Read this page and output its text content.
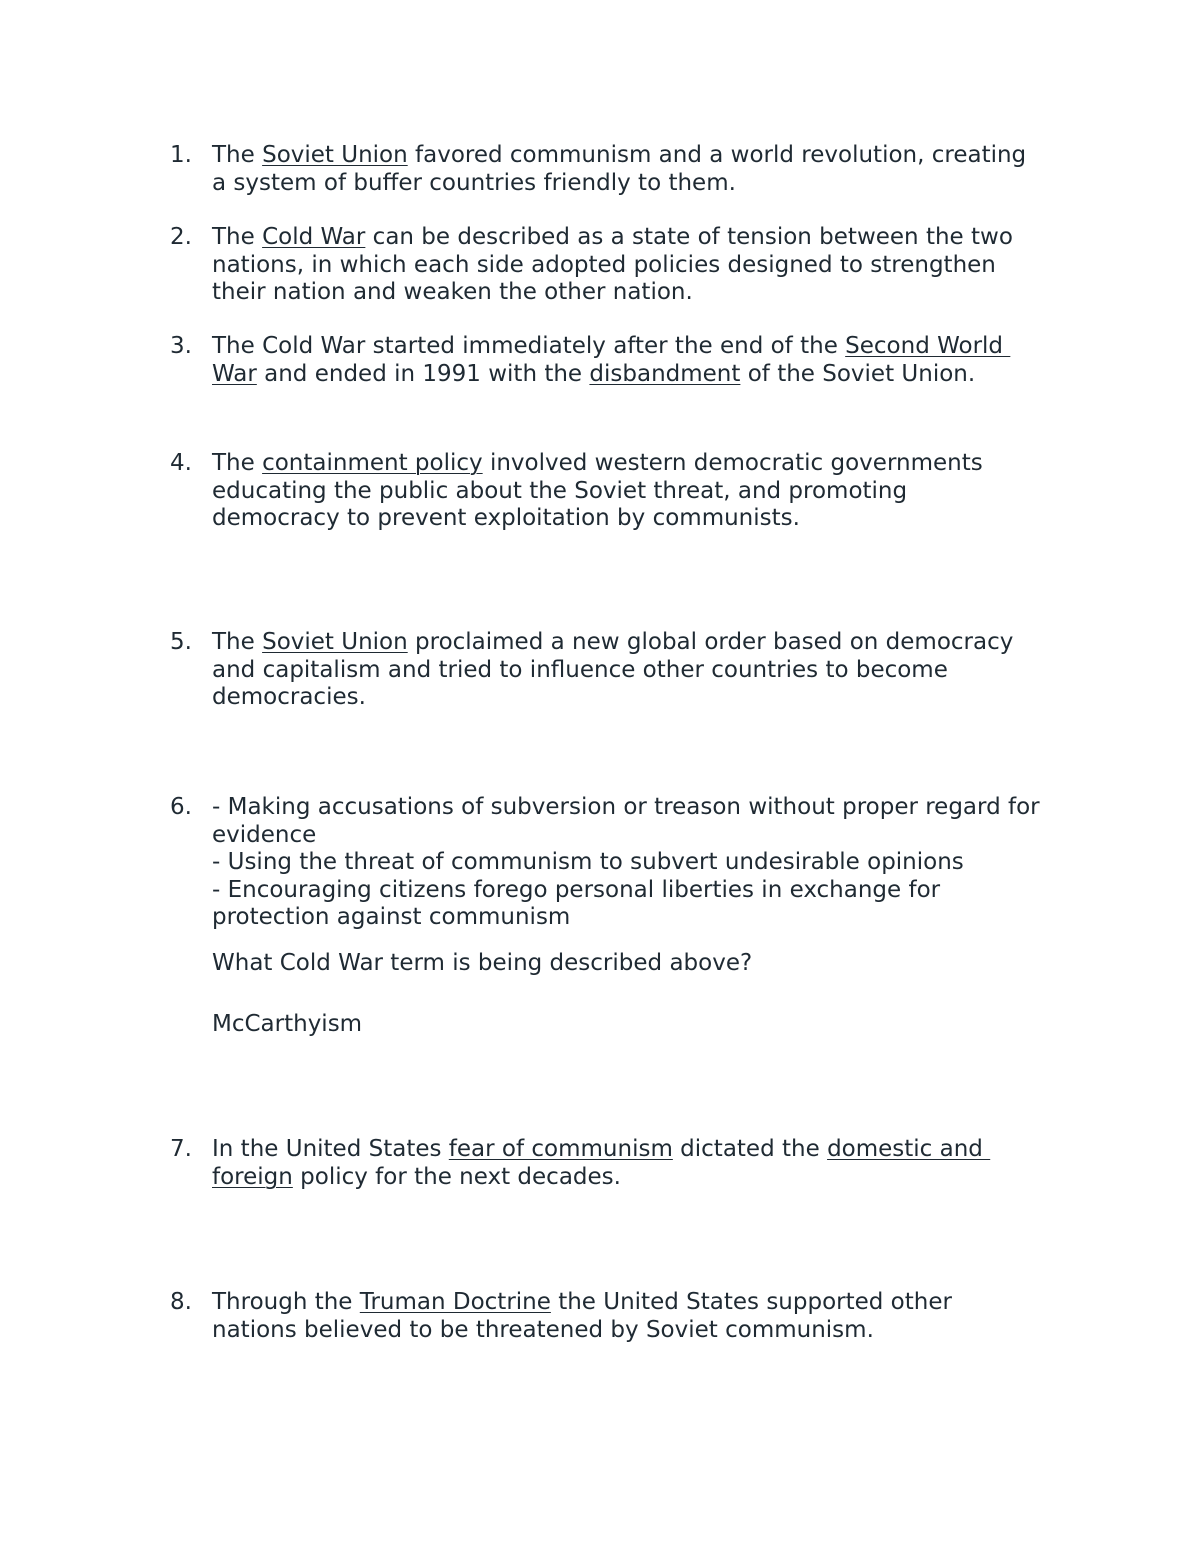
1. The Soviet Union favored communism and a world revolution, creating
a system of buffer countries friendly to them.
2. The Cold War can be described as a state of tension between the two
nations, in which each side adopted policies designed to strengthen
their nation and weaken the other nation.
3. The Cold War started immediately after the end of the Second World
War and ended in 1991 with the disbandment of the Soviet Union.
4. The containment policy involved western democratic governments
educating the public about the Soviet threat, and promoting
democracy to prevent exploitation by communists.
5. The Soviet Union proclaimed a new global order based on democracy
and capitalism and tried to influence other countries to become
democracies.
6. - Making accusations of subversion or treason without proper regard for
evidence
- Using the threat of communism to subvert undesirable opinions
- Encouraging citizens forego personal liberties in exchange for
protection against communism
What Cold War term is being described above?
McCarthyism
7. In the United States fear of communism dictated the domestic and
foreign policy for the next decades.
8. Through the Truman Doctrine the United States supported other
nations believed to be threatened by Soviet communism.
